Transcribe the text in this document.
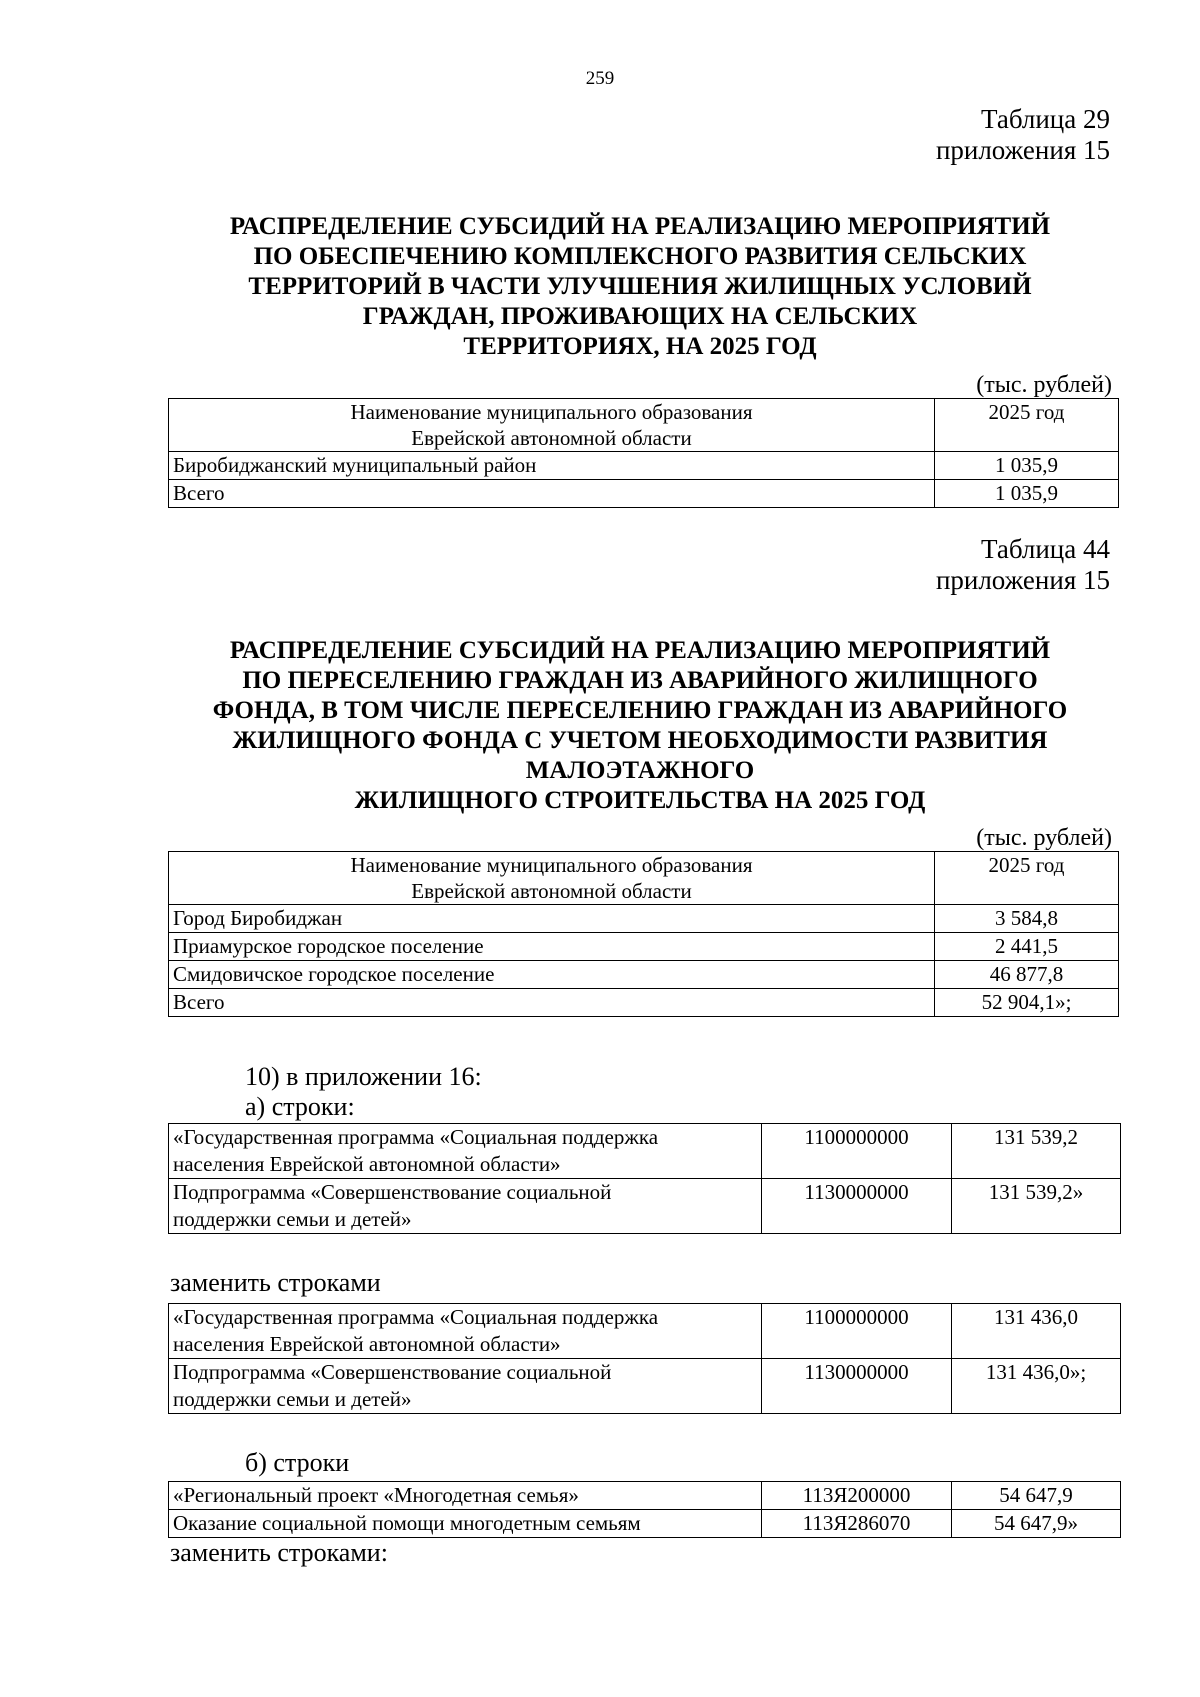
259
Таблица 29
приложения 15
РАСПРЕДЕЛЕНИЕ СУБСИДИЙ НА РЕАЛИЗАЦИЮ МЕРОПРИЯТИЙ
ПО ОБЕСПЕЧЕНИЮ КОМПЛЕКСНОГО РАЗВИТИЯ СЕЛЬСКИХ
ТЕРРИТОРИЙ В ЧАСТИ УЛУЧШЕНИЯ ЖИЛИЩНЫХ УСЛОВИЙ
ГРАЖДАН, ПРОЖИВАЮЩИХ НА СЕЛЬСКИХ
ТЕРРИТОРИЯХ, НА 2025 ГОД
(тыс. рублей)
Наименование муниципального образования
Еврейской автономной области	2025 год
Биробиджанский муниципальный район	1 035,9
Всего	1 035,9
Таблица 44
приложения 15
РАСПРЕДЕЛЕНИЕ СУБСИДИЙ НА РЕАЛИЗАЦИЮ МЕРОПРИЯТИЙ
ПО ПЕРЕСЕЛЕНИЮ ГРАЖДАН ИЗ АВАРИЙНОГО ЖИЛИЩНОГО
ФОНДА, В ТОМ ЧИСЛЕ ПЕРЕСЕЛЕНИЮ ГРАЖДАН ИЗ АВАРИЙНОГО
ЖИЛИЩНОГО ФОНДА С УЧЕТОМ НЕОБХОДИМОСТИ РАЗВИТИЯ
МАЛОЭТАЖНОГО
ЖИЛИЩНОГО СТРОИТЕЛЬСТВА НА 2025 ГОД
(тыс. рублей)
Наименование муниципального образования
Еврейской автономной области	2025 год
Город Биробиджан	3 584,8
Приамурское городское поселение	2 441,5
Смидовичское городское поселение	46 877,8
Всего	52 904,1»;
10) в приложении 16:
а) строки:
«Государственная программа «Социальная поддержка
населения Еврейской автономной области»	1100000000	131 539,2

Подпрограмма «Совершенствование социальной
поддержки семьи и детей»	1130000000	131 539,2»
заменить строками
«Государственная программа «Социальная поддержка
населения Еврейской автономной области»	1100000000	131 436,0

Подпрограмма «Совершенствование социальной
поддержки семьи и детей»	1130000000	131 436,0»;
б) строки
«Региональный проект «Многодетная семья»	113Я200000	54 647,9
Оказание социальной помощи многодетным семьям	113Я286070	54 647,9»
заменить строками:
